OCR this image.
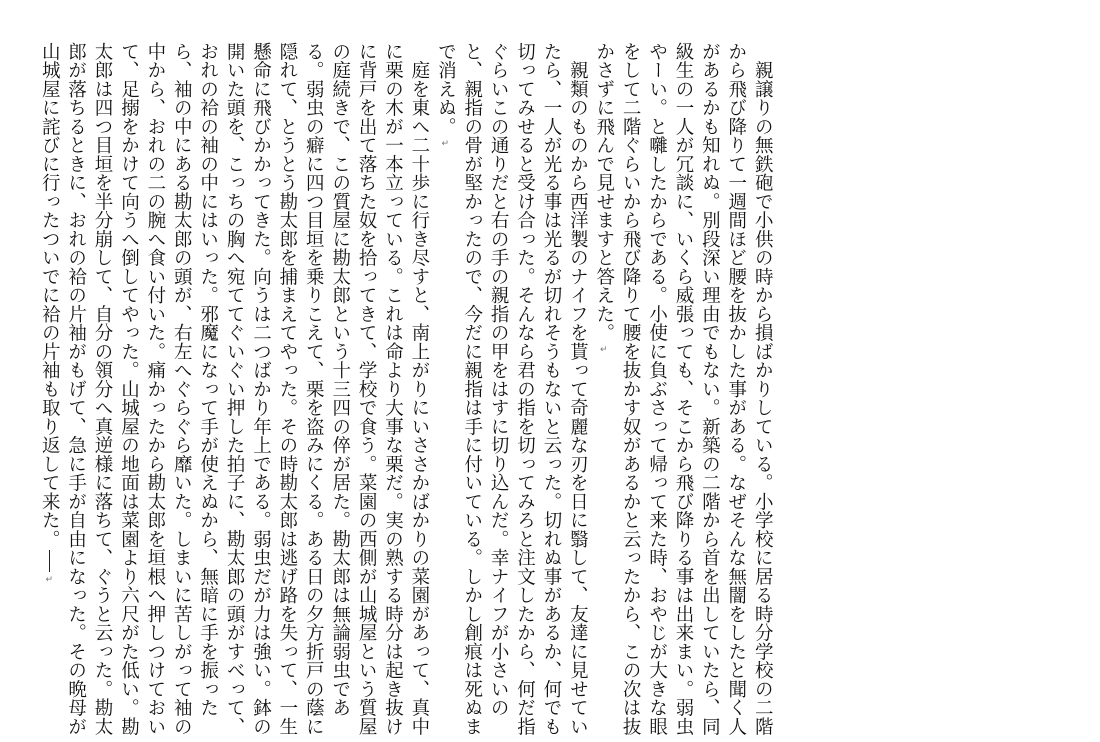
　親譲りの無鉄砲で小供の時から損ばかりしている。小学校に居る時分学校の二階から飛び降りて一週間ほど腰を抜かした事がある。なぜそんな無闇をしたと聞く人があるかも知れぬ。別段深い理由でもない。新築の二階から首を出していたら、同級生の一人が冗談に、いくら威張っても、そこから飛び降りる事は出来まい。弱虫やーい。と囃したからである。小使に負ぶさって帰って来た時、おやじが大きな眼をして二階ぐらいから飛び降りて腰を抜かす奴があるかと云ったから、この次は抜かさずに飛んで見せますと答えた。↵

　親類のものから西洋製のナイフを貰って奇麗な刃を日に翳して、友達に見せていたら、一人が光る事は光るが切れそうもないと云った。切れぬ事があるか、何でも切ってみせると受け合った。そんなら君の指を切ってみろと注文したから、何だ指ぐらいこの通りだと右の手の親指の甲をはすに切り込んだ。幸ナイフが小さいのと、親指の骨が堅かったので、今だに親指は手に付いている。しかし創痕は死ぬまで消えぬ。↵

　庭を東へ二十歩に行き尽すと、南上がりにいささかばかりの菜園があって、真中に栗の木が一本立っている。これは命より大事な栗だ。実の熟する時分は起き抜けに背戸を出て落ちた奴を拾ってきて、学校で食う。菜園の西側が山城屋という質屋の庭続きで、この質屋に勘太郎という十三四の倅が居た。勘太郎は無論弱虫である。弱虫の癖に四つ目垣を乗りこえて、栗を盗みにくる。ある日の夕方折戸の蔭に隠れて、とうとう勘太郎を捕まえてやった。その時勘太郎は逃げ路を失って、一生懸命に飛びかかってきた。向うは二つばかり年上である。弱虫だが力は強い。鉢の開いた頭を、こっちの胸へ宛ててぐいぐい押した拍子に、勘太郎の頭がすべって、おれの袷の袖の中にはいった。邪魔になって手が使えぬから、無暗に手を振ったら、袖の中にある勘太郎の頭が、右左へぐらぐら靡いた。しまいに苦しがって袖の中から、おれの二の腕へ食い付いた。痛かったから勘太郎を垣根へ押しつけておいて、足搦をかけて向うへ倒してやった。山城屋の地面は菜園より六尺がた低い。勘太郎は四つ目垣を半分崩して、自分の領分へ真逆様に落ちて、ぐうと云った。勘太郎が落ちるときに、おれの袷の片袖がもげて、急に手が自由になった。その晩母が山城屋に詫びに行ったついでに袷の片袖も取り返して来た。↵
